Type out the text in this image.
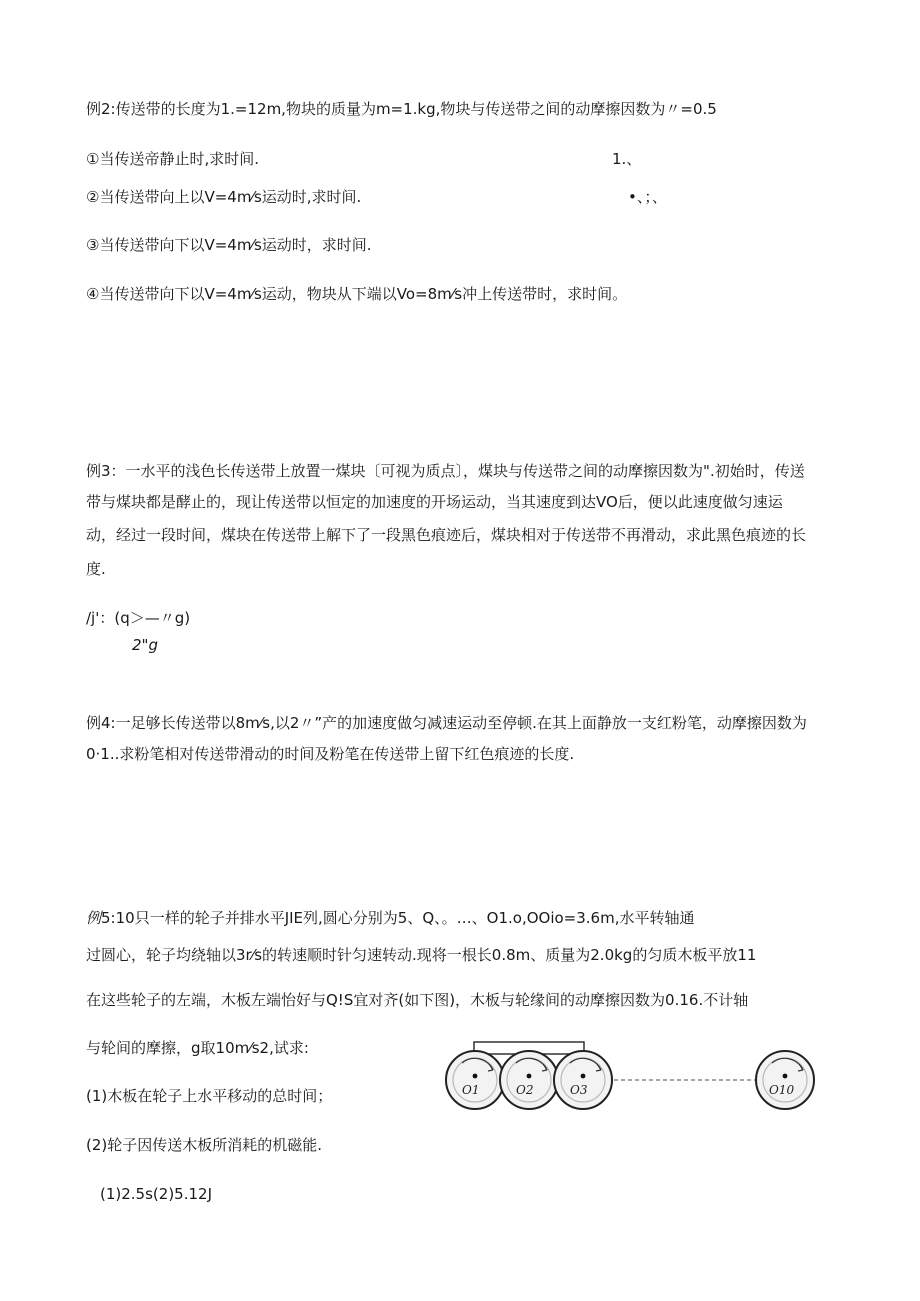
例2:传送带的长度为1.=12m,物块的质量为m=1.kg,物块与传送带之间的动摩擦因数为〃=0.5
①当传送帝静止时,求时间.	1.、
②当传送带向上以V=4m⁄s运动时,求时间.	•、；、
③当传送带向下以V=4m⁄s运动时，求时间.
④当传送带向下以V=4m⁄s运动，物块从下端以Vo=8m⁄s冲上传送带时，求时间。
例3：一水平的浅色长传送带上放置一煤块〔可视为质点〕，煤块与传送带之间的动摩擦因数为".初始时，传送
带与煤块都是酵止的，现让传送带以恒定的加速度的开场运动，当其速度到达VO后，便以此速度做匀速运
动，经过一段时间，煤块在传送带上解下了一段黑色痕迹后，煤块相对于传送带不再滑动，求此黑色痕迹的长
度.
/j'：(q＞—〃g)
2"g
例4:一足够长传送带以8m⁄s,以2〃”产的加速度做匀减速运动至停顿.在其上面静放一支红粉笔，动摩擦因数为
0·1..求粉笔相对传送带滑动的时间及粉笔在传送带上留下红色痕迹的长度.
例5:10只一样的轮子并排水平JIE列,圆心分别为5、Q、。…、O1.o,OOio=3.6m,水平转轴通
过圆心，轮子均绕轴以3r⁄s的转速顺时针匀速转动.现将一根长0.8m、质量为2.0kg的匀质木板平放11
在这些轮子的左端，木板左端怡好与Q!S宜对齐(如下图)，木板与轮缘间的动摩擦因数为0.16.不计轴
与轮间的摩擦，g取10m⁄s2,试求:
(1)木板在轮子上水平移动的总时间；
(2)轮子因传送木板所消耗的机磁能.
(1)2.5s(2)5.12J
O1	O2	O3	O10
